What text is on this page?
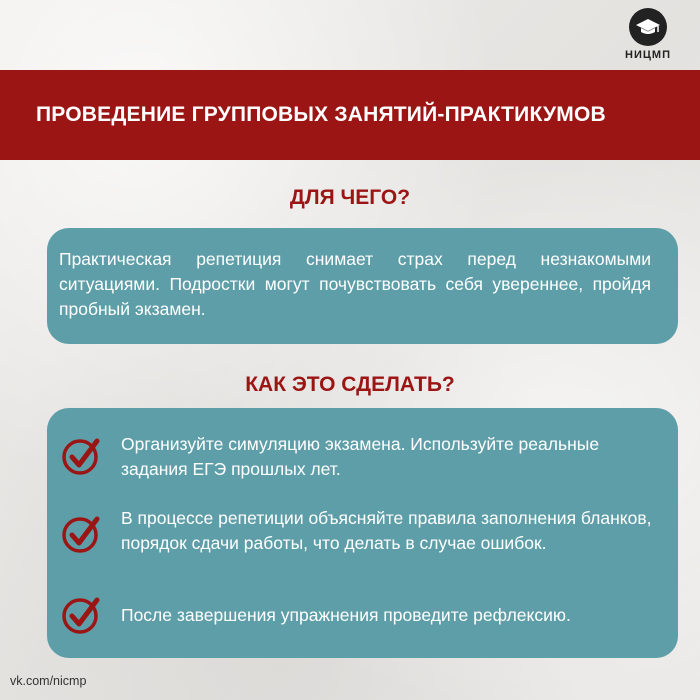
НИЦМП
ПРОВЕДЕНИЕ ГРУППОВЫХ ЗАНЯТИЙ-ПРАКТИКУМОВ
ДЛЯ ЧЕГО?
Практическая репетиция снимает страх перед незнакомыми ситуациями. Подростки могут почувствовать себя увереннее, пройдя пробный экзамен.
КАК ЭТО СДЕЛАТЬ?
Организуйте симуляцию экзамена. Используйте реальные задания ЕГЭ прошлых лет.
В процессе репетиции объясняйте правила заполнения бланков, порядок сдачи работы, что делать в случае ошибок.
После завершения упражнения проведите рефлексию.
vk.com/nicmp
